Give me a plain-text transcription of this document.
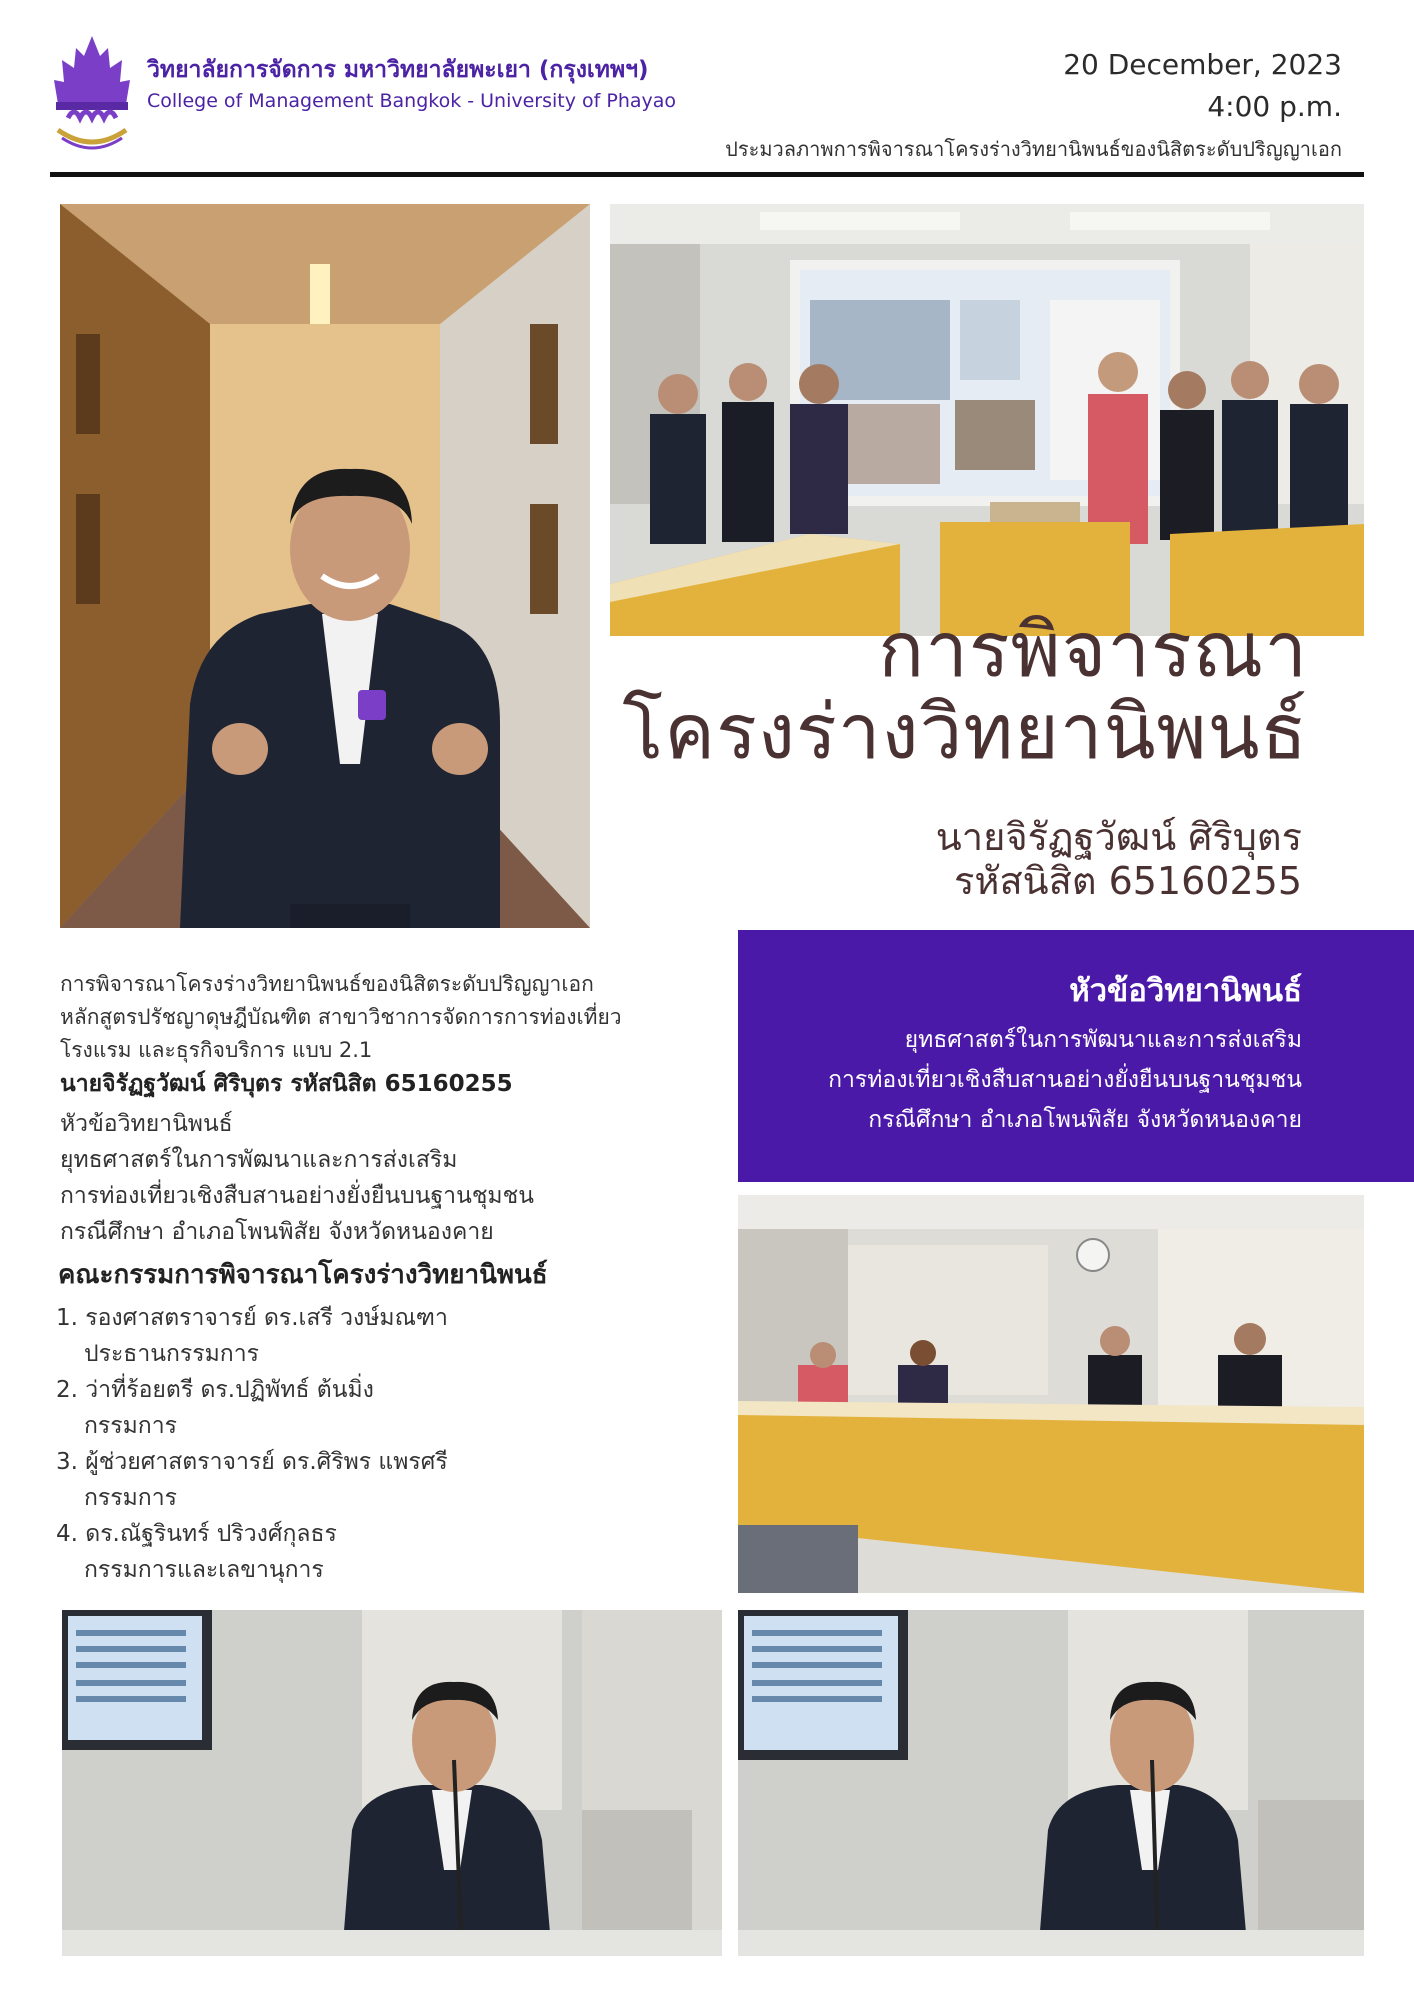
วิทยาลัยการจัดการ มหาวิทยาลัยพะเยา (กรุงเทพฯ)
College of Management Bangkok - University of Phayao
20 December, 2023
4:00 p.m.
ประมวลภาพการพิจารณาโครงร่างวิทยานิพนธ์ของนิสิตระดับปริญญาเอก
การพิจารณา
โครงร่างวิทยานิพนธ์
นายจิรัฏฐวัฒน์ ศิริบุตร
รหัสนิสิต 65160255
หัวข้อวิทยานิพนธ์
ยุทธศาสตร์ในการพัฒนาและการส่งเสริม
การท่องเที่ยวเชิงสืบสานอย่างยั่งยืนบนฐานชุมชน
กรณีศึกษา อำเภอโพนพิสัย จังหวัดหนองคาย
การพิจารณาโครงร่างวิทยานิพนธ์ของนิสิตระดับปริญญาเอก
หลักสูตรปรัชญาดุษฎีบัณฑิต สาขาวิชาการจัดการการท่องเที่ยว
โรงแรม และธุรกิจบริการ แบบ 2.1
นายจิรัฏฐวัฒน์ ศิริบุตร รหัสนิสิต 65160255
หัวข้อวิทยานิพนธ์
ยุทธศาสตร์ในการพัฒนาและการส่งเสริม
การท่องเที่ยวเชิงสืบสานอย่างยั่งยืนบนฐานชุมชน
กรณีศึกษา อำเภอโพนพิสัย จังหวัดหนองคาย
คณะกรรมการพิจารณาโครงร่างวิทยานิพนธ์
1. รองศาสตราจารย์ ดร.เสรี วงษ์มณฑา
ประธานกรรมการ
2. ว่าที่ร้อยตรี ดร.ปฏิพัทธ์ ต้นมิ่ง
กรรมการ
3. ผู้ช่วยศาสตราจารย์ ดร.ศิริพร แพรศรี
กรรมการ
4. ดร.ณัฐรินทร์ ปริวงศ์กุลธร
กรรมการและเลขานุการ
